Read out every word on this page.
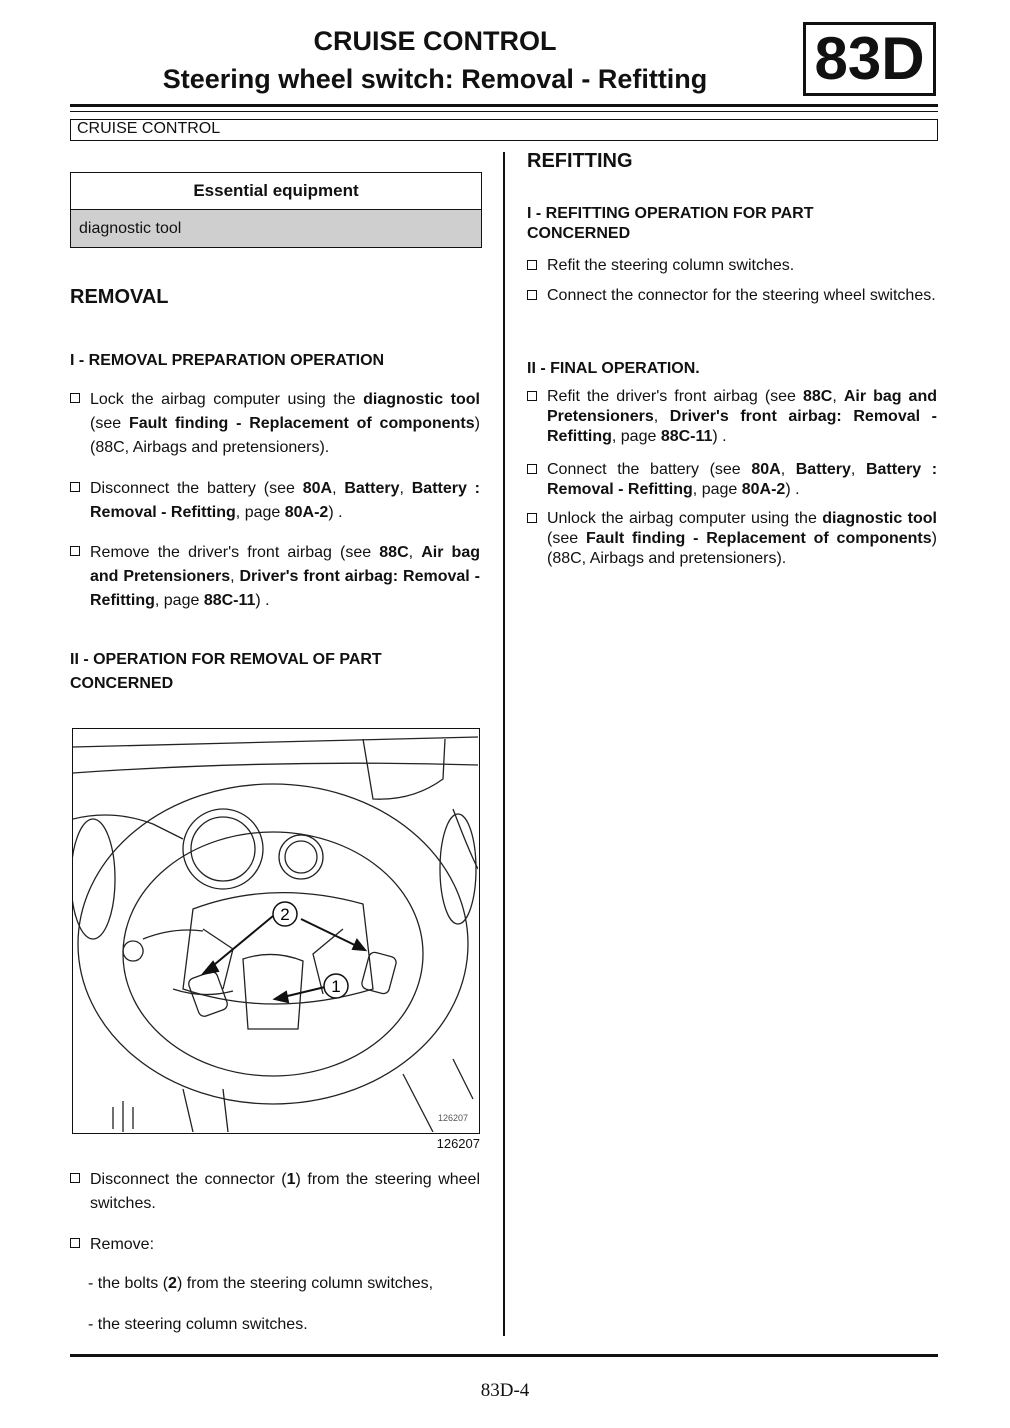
CRUISE CONTROL
Steering wheel switch: Removal - Refitting 83D
CRUISE CONTROL
Essential equipment
diagnostic tool
REMOVAL
I - REMOVAL PREPARATION OPERATION
Lock the airbag computer using the diagnostic tool (see Fault finding - Replacement of components) (88C, Airbags and pretensioners).
Disconnect the battery (see 80A, Battery, Battery : Removal - Refitting, page 80A-2) .
Remove the driver's front airbag (see 88C, Air bag and Pretensioners, Driver's front airbag: Removal - Refitting, page 88C-11) .
II - OPERATION FOR REMOVAL OF PART CONCERNED
2
1
126207
126207
Disconnect the connector (1) from the steering wheel switches.
Remove:
- the bolts (2) from the steering column switches,
- the steering column switches.
REFITTING
I - REFITTING OPERATION FOR PART CONCERNED
Refit the steering column switches.
Connect the connector for the steering wheel switches.
II - FINAL OPERATION.
Refit the driver's front airbag (see 88C, Air bag and Pretensioners, Driver's front airbag: Removal - Refitting, page 88C-11) .
Connect the battery (see 80A, Battery, Battery : Removal - Refitting, page 80A-2) .
Unlock the airbag computer using the diagnostic tool (see Fault finding - Replacement of components) (88C, Airbags and pretensioners).
83D-4
